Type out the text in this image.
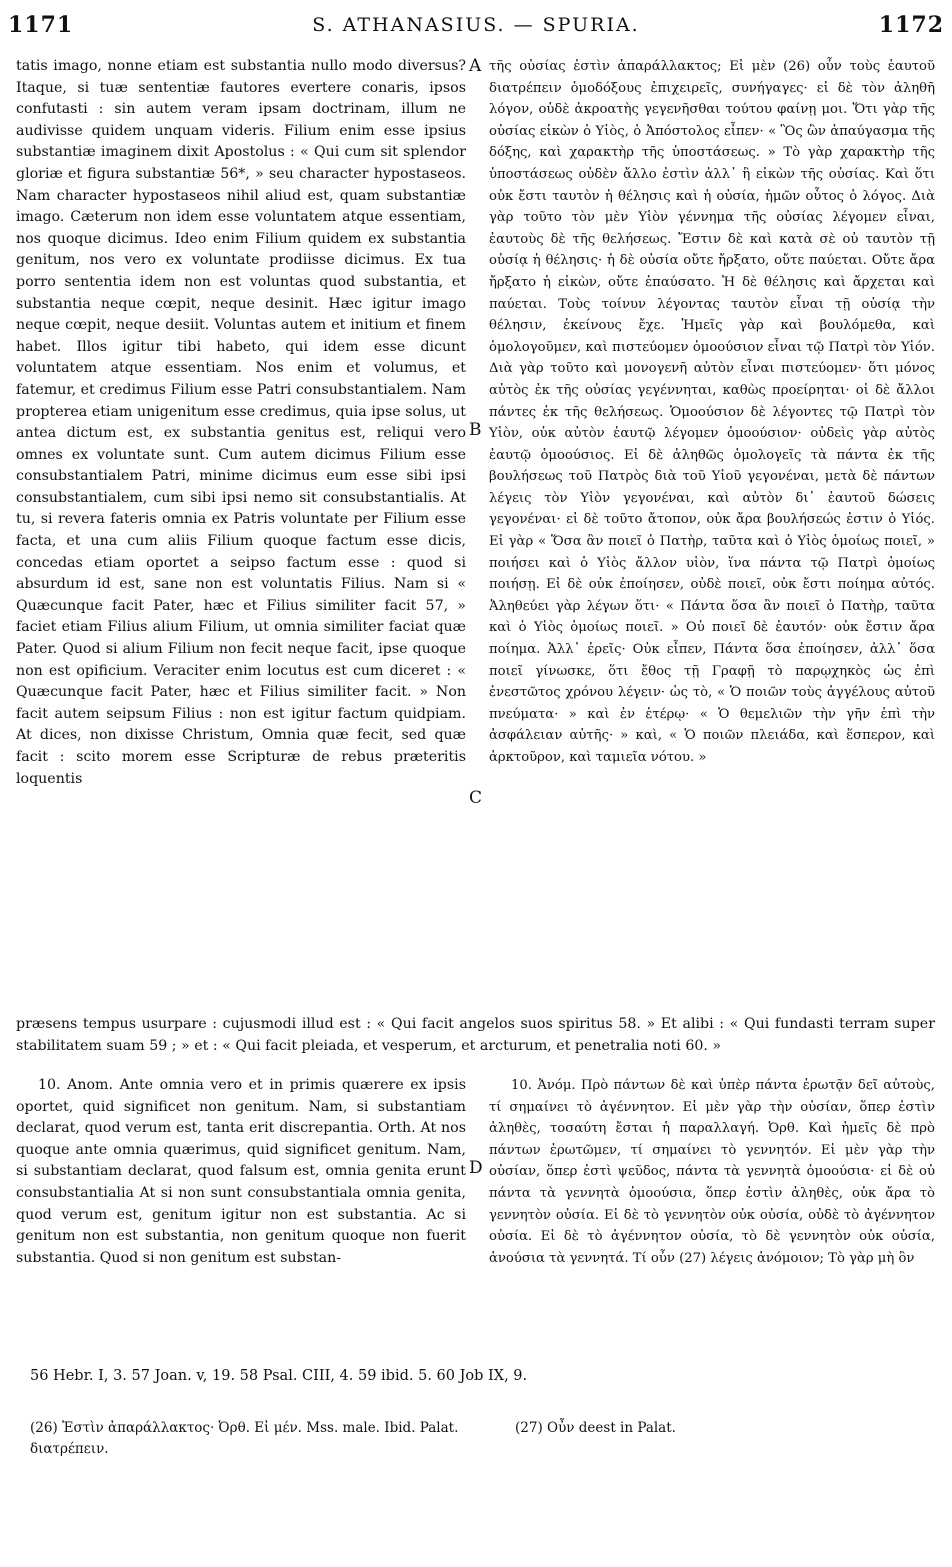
1171	S. ATHANASIUS. — SPURIA.	1172

tatis imago, nonne etiam est substantia nullo modo diversus? Itaque, si tuæ sententiæ fautores evertere conaris, ipsos confutasti : sin autem veram ipsam doctrinam, illum ne audivisse quidem unquam videris. Filium enim esse ipsius substantiæ imaginem dixit Apostolus : « Qui cum sit splendor gloriæ et figura substantiæ 56*, » seu character hypostaseos. Nam character hypostaseos nihil aliud est, quam substantiæ imago. Cæterum non idem esse voluntatem atque essentiam, nos quoque dicimus. Ideo enim Filium quidem ex substantia genitum, nos vero ex voluntate prodiisse dicimus. Ex tua porro sententia idem non est voluntas quod substantia, et substantia neque cœpit, neque desinit. Hæc igitur imago neque cœpit, neque desiit. Voluntas autem et initium et finem habet. Illos igitur tibi habeto, qui idem esse dicunt voluntatem atque essentiam. Nos enim et volumus, et fatemur, et credimus Filium esse Patri consubstantialem. Nam propterea etiam unigenitum esse credimus, quia ipse solus, ut antea dictum est, ex substantia genitus est, reliqui vero omnes ex voluntate sunt. Cum autem dicimus Filium esse consubstantialem Patri, minime dicimus eum esse sibi ipsi consubstantialem, cum sibi ipsi nemo sit consubstantialis. At tu, si revera fateris omnia ex Patris voluntate per Filium esse facta, et una cum aliis Filium quoque factum esse dicis, concedas etiam oportet a seipso factum esse : quod si absurdum id est, sane non est voluntatis Filius. Nam si « Quæcunque facit Pater, hæc et Filius similiter facit 57, » faciet etiam Filius alium Filium, ut omnia similiter faciat quæ Pater. Quod si alium Filium non fecit neque facit, ipse quoque non est opificium. Veraciter enim locutus est cum diceret : « Quæcunque facit Pater, hæc et Filius similiter facit. » Non facit autem seipsum Filius : non est igitur factum quidpiam. At dices, non dixisse Christum, Omnia quæ fecit, sed quæ facit : scito morem esse Scripturæ de rebus præteritis loquentis

τῆς οὐσίας ἐστὶν ἀπαράλλακτος; Εἰ μὲν (26) οὖν τοὺς ἑαυτοῦ διατρέπειν ὁμοδόξους ἐπιχειρεῖς, συνήγαγες· εἰ δὲ τὸν ἀληθῆ λόγον, οὐδὲ ἀκροατὴς γεγενῆσθαι τούτου φαίνῃ μοι. Ὅτι γὰρ τῆς οὐσίας εἰκὼν ὁ Υἱὸς, ὁ Ἀπόστολος εἶπεν· « Ὃς ὢν ἀπαύγασμα τῆς δόξης, καὶ χαρακτὴρ τῆς ὑποστάσεως. » Τὸ γὰρ χαρακτὴρ τῆς ὑποστάσεως οὐδὲν ἄλλο ἐστὶν ἀλλ᾽ ἢ εἰκὼν τῆς οὐσίας. Καὶ ὅτι οὐκ ἔστι ταυτὸν ἡ θέλησις καὶ ἡ οὐσία, ἡμῶν οὗτος ὁ λόγος. Διὰ γὰρ τοῦτο τὸν μὲν Υἱὸν γέννημα τῆς οὐσίας λέγομεν εἶναι, ἑαυτοὺς δὲ τῆς θελήσεως. Ἔστιν δὲ καὶ κατὰ σὲ οὐ ταυτὸν τῇ οὐσίᾳ ἡ θέλησις· ἡ δὲ οὐσία οὔτε ἤρξατο, οὔτε παύεται. Οὔτε ἄρα ἤρξατο ἡ εἰκὼν, οὔτε ἐπαύσατο. Ἡ δὲ θέλησις καὶ ἄρχεται καὶ παύεται. Τοὺς τοίνυν λέγοντας ταυτὸν εἶναι τῇ οὐσίᾳ τὴν θέλησιν, ἐκείνους ἔχε. Ἡμεῖς γὰρ καὶ βουλόμεθα, καὶ ὁμολογοῦμεν, καὶ πιστεύομεν ὁμοούσιον εἶναι τῷ Πατρὶ τὸν Υἱόν. Διὰ γὰρ τοῦτο καὶ μονογενῆ αὐτὸν εἶναι πιστεύομεν· ὅτι μόνος αὐτὸς ἐκ τῆς οὐσίας γεγέννηται, καθὼς προείρηται· οἱ δὲ ἄλλοι πάντες ἐκ τῆς θελήσεως. Ὁμοούσιον δὲ λέγοντες τῷ Πατρὶ τὸν Υἱὸν, οὐκ αὐτὸν ἑαυτῷ λέγομεν ὁμοούσιον· οὐδεὶς γὰρ αὐτὸς ἑαυτῷ ὁμοούσιος. Εἰ δὲ ἀληθῶς ὁμολογεῖς τὰ πάντα ἐκ τῆς βουλήσεως τοῦ Πατρὸς διὰ τοῦ Υἱοῦ γεγονέναι, μετὰ δὲ πάντων λέγεις τὸν Υἱὸν γεγονέναι, καὶ αὐτὸν δι᾽ ἑαυτοῦ δώσεις γεγονέναι· εἰ δὲ τοῦτο ἄτοπον, οὐκ ἄρα βουλήσεώς ἐστιν ὁ Υἱός. Εἰ γὰρ « Ὅσα ἂν ποιεῖ ὁ Πατὴρ, ταῦτα καὶ ὁ Υἱὸς ὁμοίως ποιεῖ, » ποιήσει καὶ ὁ Υἱὸς ἄλλον υἱὸν, ἵνα πάντα τῷ Πατρὶ ὁμοίως ποιήσῃ. Εἰ δὲ οὐκ ἐποίησεν, οὐδὲ ποιεῖ, οὐκ ἔστι ποίημα αὐτός. Ἀληθεύει γὰρ λέγων ὅτι· « Πάντα ὅσα ἂν ποιεῖ ὁ Πατὴρ, ταῦτα καὶ ὁ Υἱὸς ὁμοίως ποιεῖ. » Οὐ ποιεῖ δὲ ἑαυτόν· οὐκ ἔστιν ἄρα ποίημα. Ἀλλ᾽ ἐρεῖς· Οὐκ εἶπεν, Πάντα ὅσα ἐποίησεν, ἀλλ᾽ ὅσα ποιεῖ γίνωσκε, ὅτι ἔθος τῇ Γραφῇ τὸ παρῳχηκὸς ὡς ἐπὶ ἐνεστῶτος χρόνου λέγειν· ὡς τὸ, « Ὁ ποιῶν τοὺς ἀγγέλους αὐτοῦ πνεύματα· » καὶ ἐν ἑτέρῳ· « Ὁ θεμελιῶν τὴν γῆν ἐπὶ τὴν ἀσφάλειαν αὐτῆς· » καὶ, « Ὁ ποιῶν πλειάδα, καὶ ἕσπερον, καὶ ἀρκτοῦρον, καὶ ταμιεῖα νότου. »

A
B
C
D

præsens tempus usurpare : cujusmodi illud est : « Qui facit angelos suos spiritus 58. » Et alibi : « Qui fundasti terram super stabilitatem suam 59 ; » et : « Qui facit pleiada, et vesperum, et arcturum, et penetralia noti 60. »

10. Anom. Ante omnia vero et in primis quærere ex ipsis oportet, quid significet non genitum. Nam, si substantiam declarat, quod verum est, tanta erit discrepantia. Orth. At nos quoque ante omnia quærimus, quid significet genitum. Nam, si substantiam declarat, quod falsum est, omnia genita erunt consubstantialia At si non sunt consubstantiala omnia genita, quod verum est, genitum igitur non est substantia. Ac si genitum non est substantia, non genitum quoque non fuerit substantia. Quod si non genitum est substan-

10. Ἀνόμ. Πρὸ πάντων δὲ καὶ ὑπὲρ πάντα ἐρωτᾷν δεῖ αὐτοὺς, τί σημαίνει τὸ ἀγέννητον. Εἰ μὲν γὰρ τὴν οὐσίαν, ὅπερ ἐστὶν ἀληθὲς, τοσαύτη ἔσται ἡ παραλλαγή. Ὀρθ. Καὶ ἡμεῖς δὲ πρὸ πάντων ἐρωτῶμεν, τί σημαίνει τὸ γεννητόν. Εἰ μὲν γὰρ τὴν οὐσίαν, ὅπερ ἐστὶ ψεῦδος, πάντα τὰ γεννητὰ ὁμοούσια· εἰ δὲ οὐ πάντα τὰ γεννητὰ ὁμοούσια, ὅπερ ἐστὶν ἀληθὲς, οὐκ ἄρα τὸ γεννητὸν οὐσία. Εἰ δὲ τὸ γεννητὸν οὐκ οὐσία, οὐδὲ τὸ ἀγέννητον οὐσία. Εἰ δὲ τὸ ἀγέννητον οὐσία, τὸ δὲ γεννητὸν οὐκ οὐσία, ἀνούσια τὰ γεννητά. Τί οὖν (27) λέγεις ἀνόμοιον; Τὸ γὰρ μὴ ὂν

56 Hebr. I, 3. 57 Joan. v, 19. 58 Psal. CIII, 4. 59 ibid. 5. 60 Job IX, 9.
(26) Ἐστὶν ἀπαράλλακτος· Ὀρθ. Εἰ μέν. Mss. male. Ibid. Palat. διατρέπειν.
(27) Οὖν deest in Palat.
